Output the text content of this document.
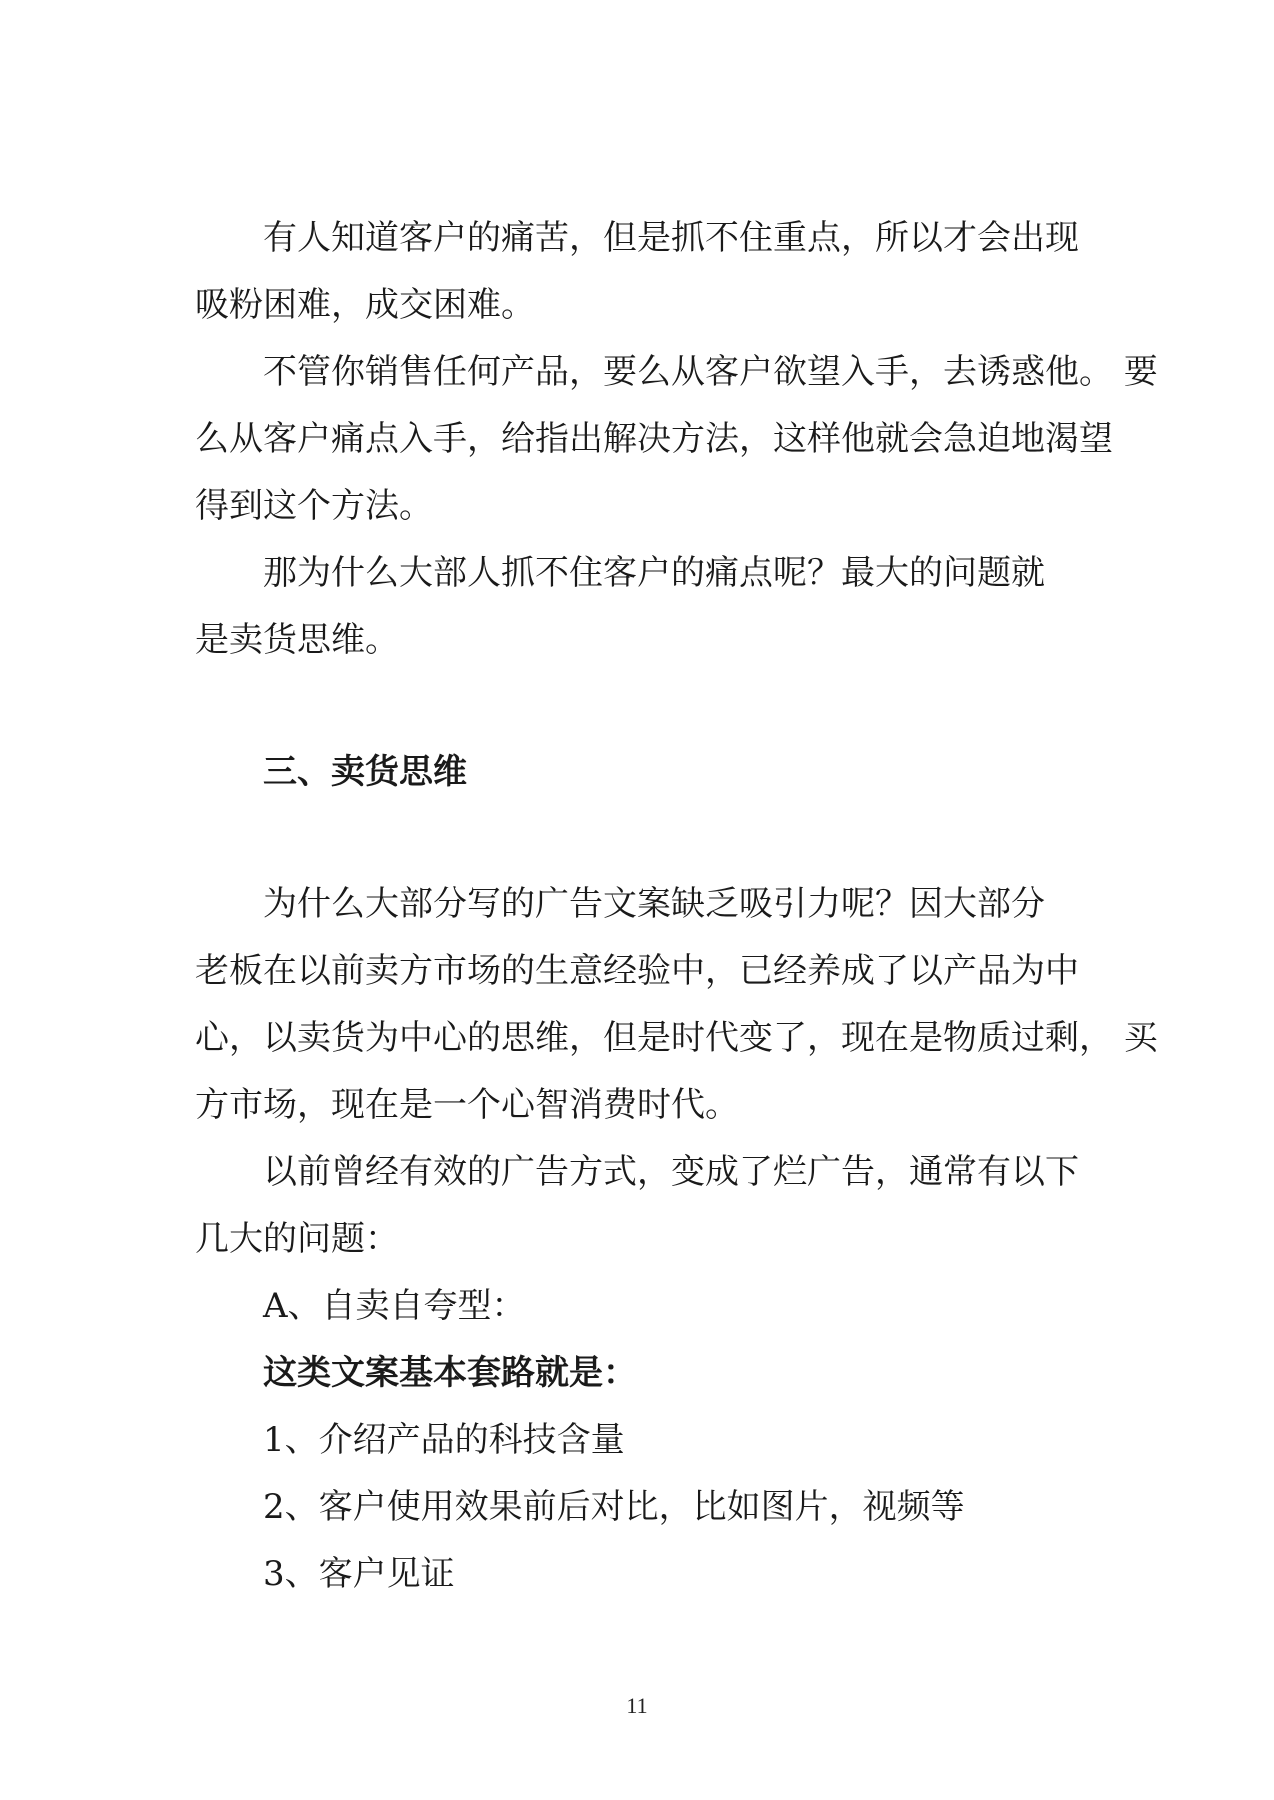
有人知道客户的痛苦，但是抓不住重点，所以才会出现

吸粉困难，成交困难。

不管你销售任何产品，要么从客户欲望入手，去诱惑他。 要

么从客户痛点入手，给指出解决方法，这样他就会急迫地渴望

得到这个方法。

那为什么大部人抓不住客户的痛点呢？最大的问题就

是卖货思维。

三、卖货思维

为什么大部分写的广告文案缺乏吸引力呢？因大部分

老板在以前卖方市场的生意经验中，已经养成了以产品为中

心，以卖货为中心的思维，但是时代变了，现在是物质过剩， 买

方市场，现在是一个心智消费时代。

以前曾经有效的广告方式，变成了烂广告，通常有以下

几大的问题：

A、自卖自夸型：

这类文案基本套路就是：

1、介绍产品的科技含量

2、客户使用效果前后对比，比如图片，视频等

3、客户见证

11
